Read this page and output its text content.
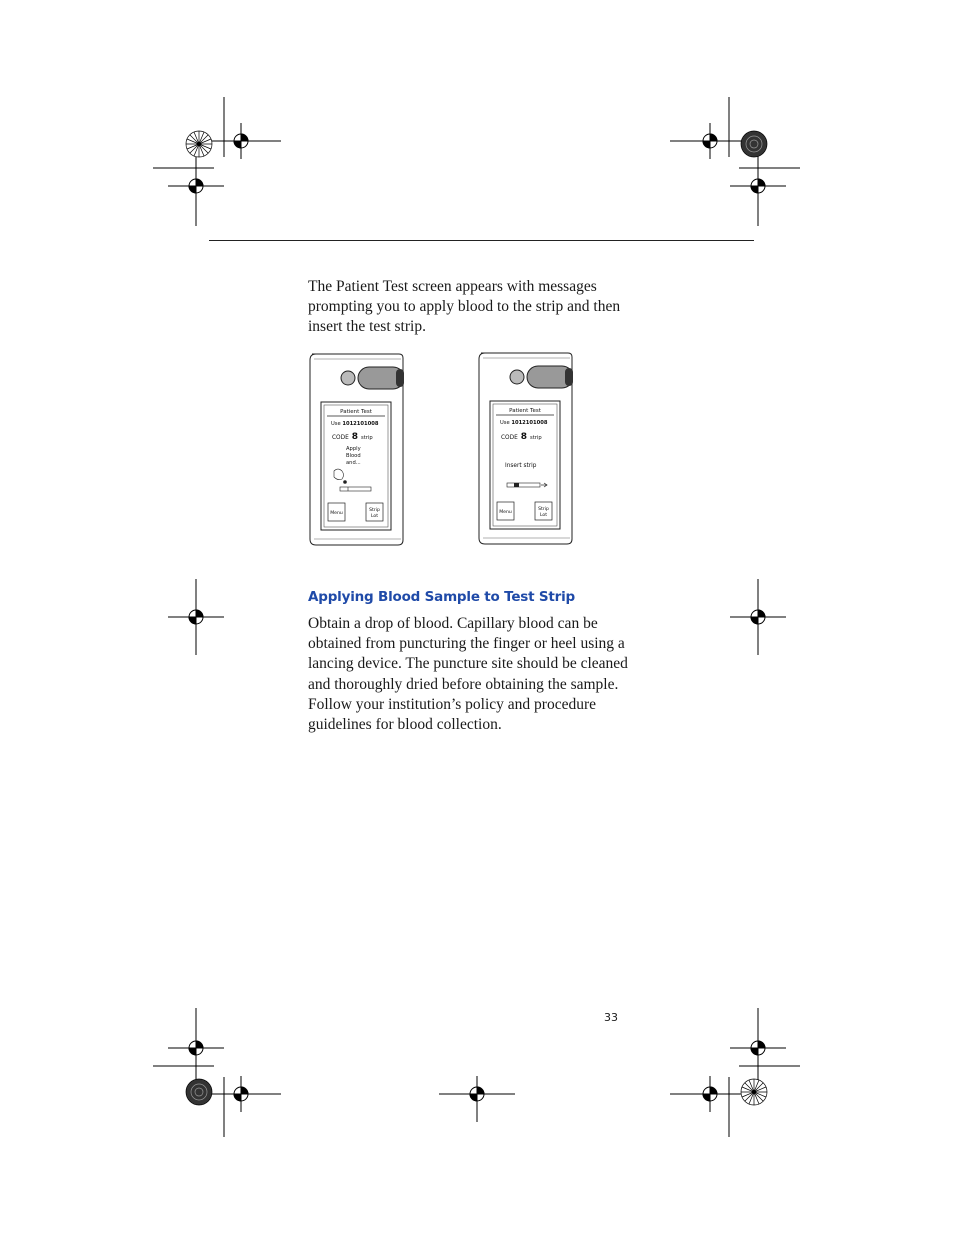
The Patient Test screen appears with messages prompting you to apply blood to the strip and then insert the test strip.

Patient Test
Use 1012101008
CODE 8 strip
Apply
Blood
and...
Menu
Strip
Lot
Patient Test
Use 1012101008
CODE 8 strip
Insert strip
Menu
Strip
Lot
Applying Blood Sample to Test Strip

Obtain a drop of blood. Capillary blood can be obtained from puncturing the finger or heel using a lancing device. The puncture site should be cleaned and thoroughly dried before obtaining the sample. Follow your institution’s policy and procedure guidelines for blood collection.

33
